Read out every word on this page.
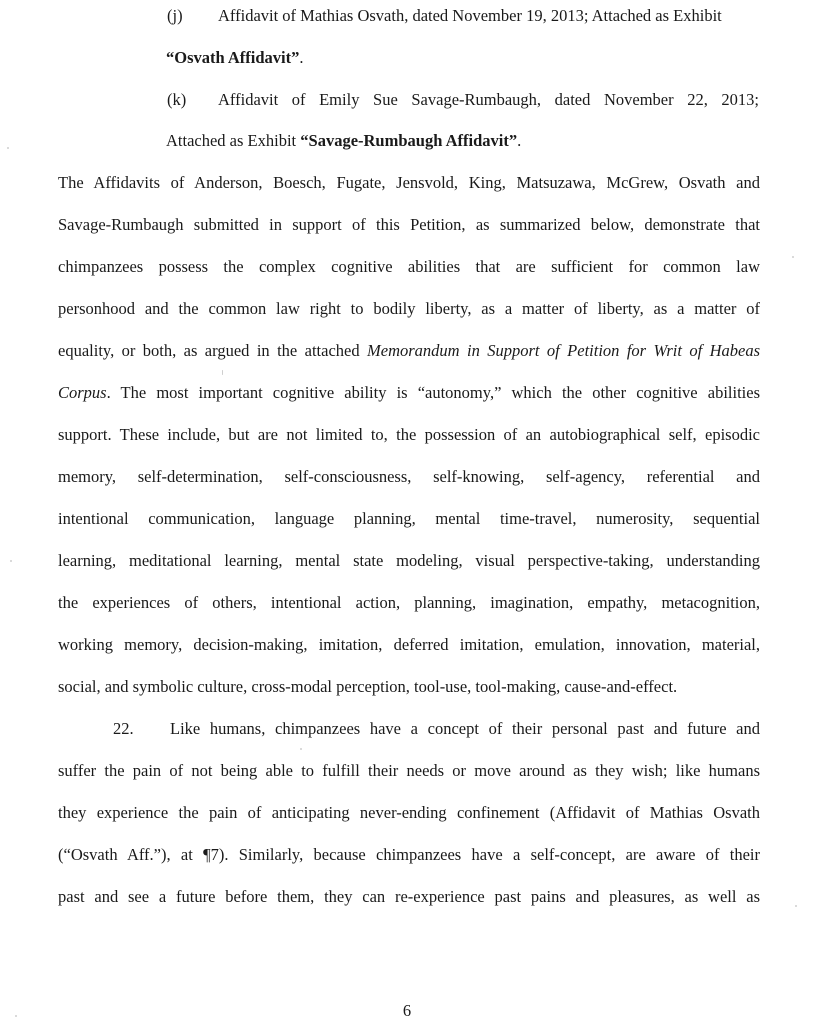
(j) Affidavit of Mathias Osvath, dated November 19, 2013; Attached as Exhibit
“Osvath Affidavit”.
(k) Affidavit of Emily Sue Savage-Rumbaugh, dated November 22, 2013;
Attached as Exhibit “Savage-Rumbaugh Affidavit”.
The Affidavits of Anderson, Boesch, Fugate, Jensvold, King, Matsuzawa, McGrew, Osvath and
Savage-Rumbaugh submitted in support of this Petition, as summarized below, demonstrate that
chimpanzees possess the complex cognitive abilities that are sufficient for common law
personhood and the common law right to bodily liberty, as a matter of liberty, as a matter of
equality, or both, as argued in the attached Memorandum in Support of Petition for Writ of Habeas
Corpus. The most important cognitive ability is “autonomy,” which the other cognitive abilities
support. These include, but are not limited to, the possession of an autobiographical self, episodic
memory, self-determination, self-consciousness, self-knowing, self-agency, referential and
intentional communication, language planning, mental time-travel, numerosity, sequential
learning, meditational learning, mental state modeling, visual perspective-taking, understanding
the experiences of others, intentional action, planning, imagination, empathy, metacognition,
working memory, decision-making, imitation, deferred imitation, emulation, innovation, material,
social, and symbolic culture, cross-modal perception, tool-use, tool-making, cause-and-effect.
22. Like humans, chimpanzees have a concept of their personal past and future and
suffer the pain of not being able to fulfill their needs or move around as they wish; like humans
they experience the pain of anticipating never-ending confinement (Affidavit of Mathias Osvath
(“Osvath Aff.”), at ¶7). Similarly, because chimpanzees have a self-concept, are aware of their
past and see a future before them, they can re-experience past pains and pleasures, as well as
6
